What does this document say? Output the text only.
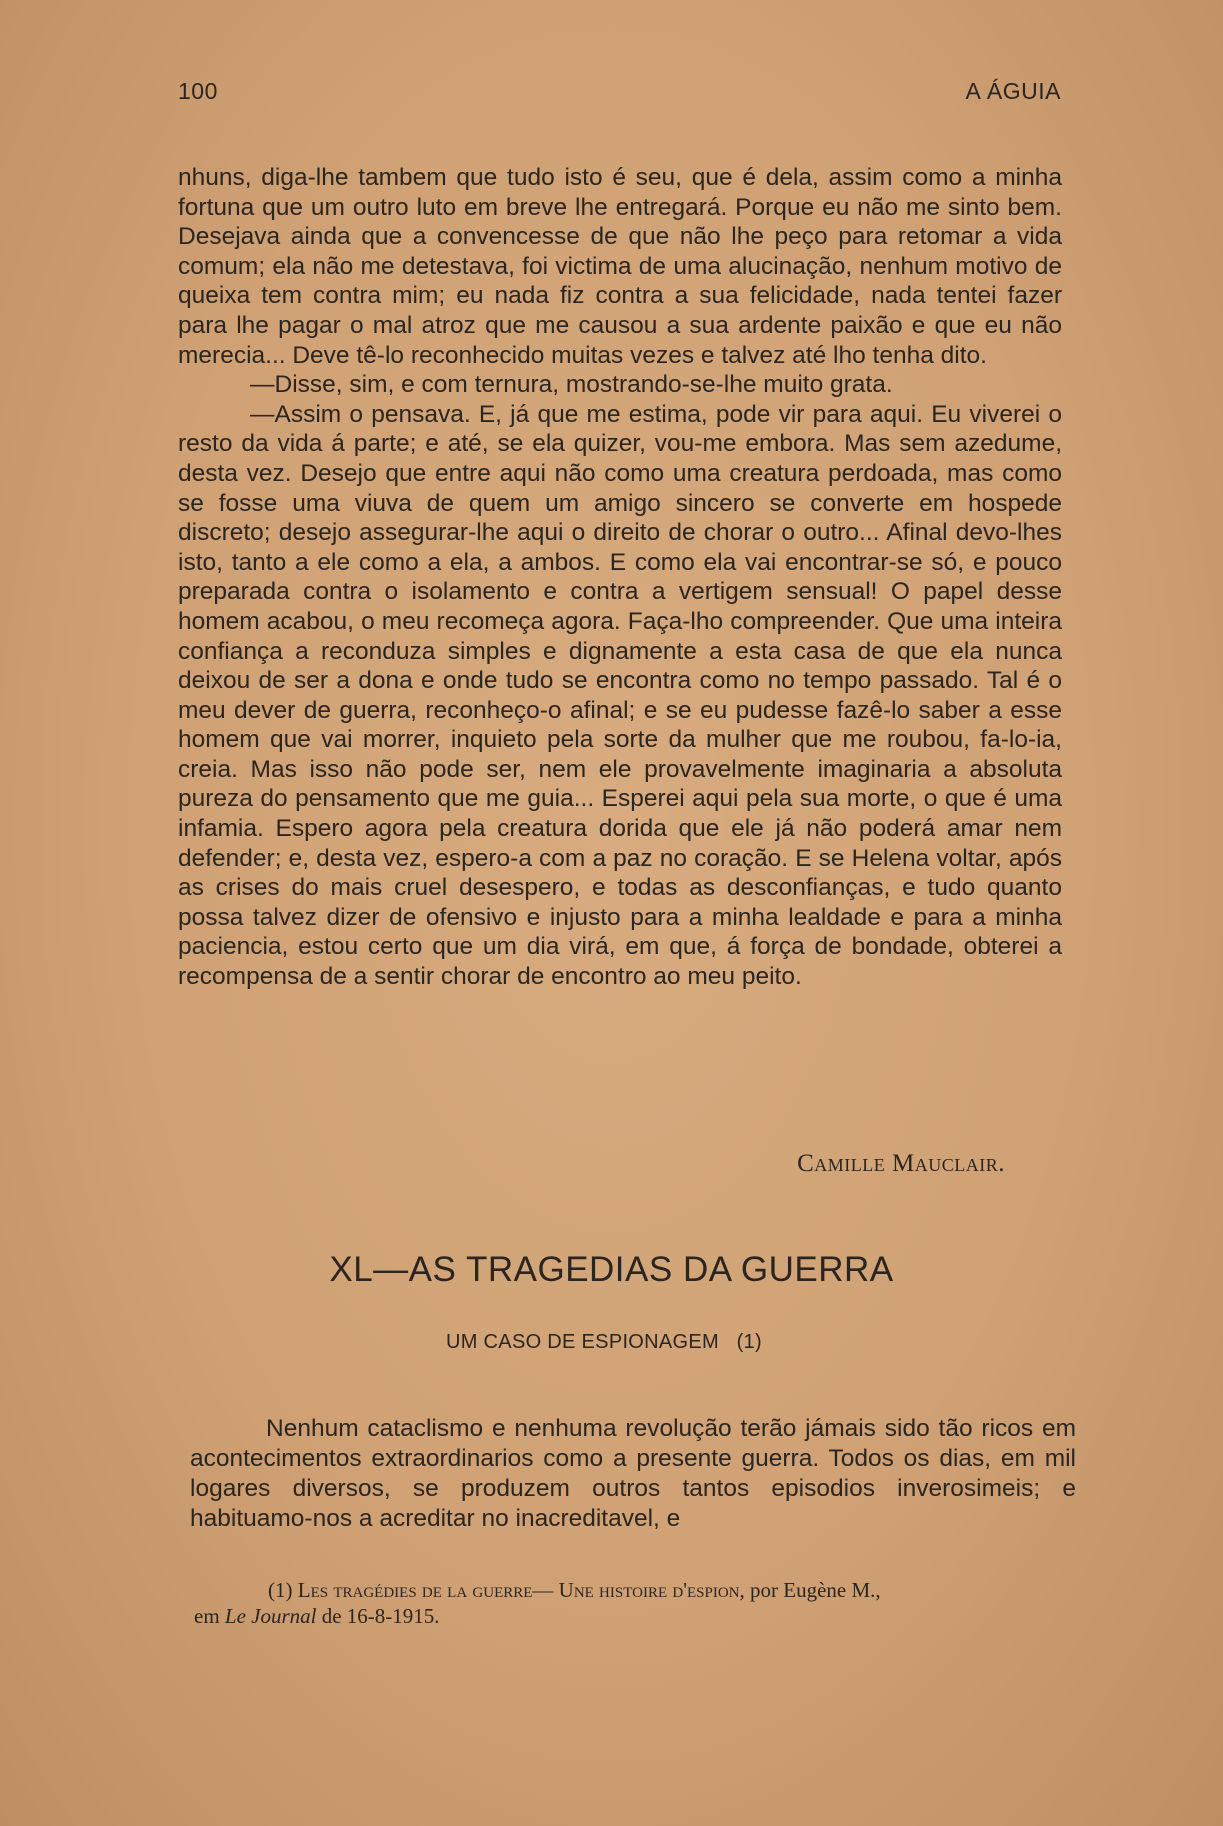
100	A ÁGUIA

nhuns, diga-lhe tambem que tudo isto é seu, que é dela, assim como a minha fortuna que um outro luto em breve lhe entregará. Porque eu não me sinto bem. Desejava ainda que a convencesse de que não lhe peço para retomar a vida comum; ela não me detestava, foi victima de uma alucinação, nenhum motivo de queixa tem contra mim; eu nada fiz contra a sua felicidade, nada tentei fazer para lhe pagar o mal atroz que me causou a sua ardente paixão e que eu não merecia... Deve tê-lo reconhecido muitas vezes e talvez até lho tenha dito.

—Disse, sim, e com ternura, mostrando-se-lhe muito grata.

—Assim o pensava. E, já que me estima, pode vir para aqui. Eu viverei o resto da vida á parte; e até, se ela quizer, vou-me embora. Mas sem azedume, desta vez. Desejo que entre aqui não como uma creatura perdoada, mas como se fosse uma viuva de quem um amigo sincero se converte em hospede discreto; desejo assegurar-lhe aqui o direito de chorar o outro... Afinal devo-lhes isto, tanto a ele como a ela, a ambos. E como ela vai encontrar-se só, e pouco preparada contra o isolamento e contra a vertigem sensual! O papel desse homem acabou, o meu recomeça agora. Faça-lho compreender. Que uma inteira confiança a reconduza simples e dignamente a esta casa de que ela nunca deixou de ser a dona e onde tudo se encontra como no tempo passado. Tal é o meu dever de guerra, reconheço-o afinal; e se eu pudesse fazê-lo saber a esse homem que vai morrer, inquieto pela sorte da mulher que me roubou, fa-lo-ia, creia. Mas isso não pode ser, nem ele provavelmente imaginaria a absoluta pureza do pensamento que me guia... Esperei aqui pela sua morte, o que é uma infamia. Espero agora pela creatura dorida que ele já não poderá amar nem defender; e, desta vez, espero-a com a paz no coração. E se Helena voltar, após as crises do mais cruel desespero, e todas as desconfianças, e tudo quanto possa talvez dizer de ofensivo e injusto para a minha lealdade e para a minha paciencia, estou certo que um dia virá, em que, á força de bondade, obterei a recompensa de a sentir chorar de encontro ao meu peito.

Camille Mauclair.
XL—AS TRAGEDIAS DA GUERRA
UM CASO DE ESPIONAGEM (1)
Nenhum cataclismo e nenhuma revolução terão jámais sido tão ricos em acontecimentos extraordinarios como a presente guerra. Todos os dias, em mil logares diversos, se produzem outros tantos episodios inverosimeis; e habituamo-nos a acreditar no inacreditavel, e
(1) Les tragédies de la guerre— Une histoire d'espion, por Eugène M.,
em Le Journal de 16-8-1915.
